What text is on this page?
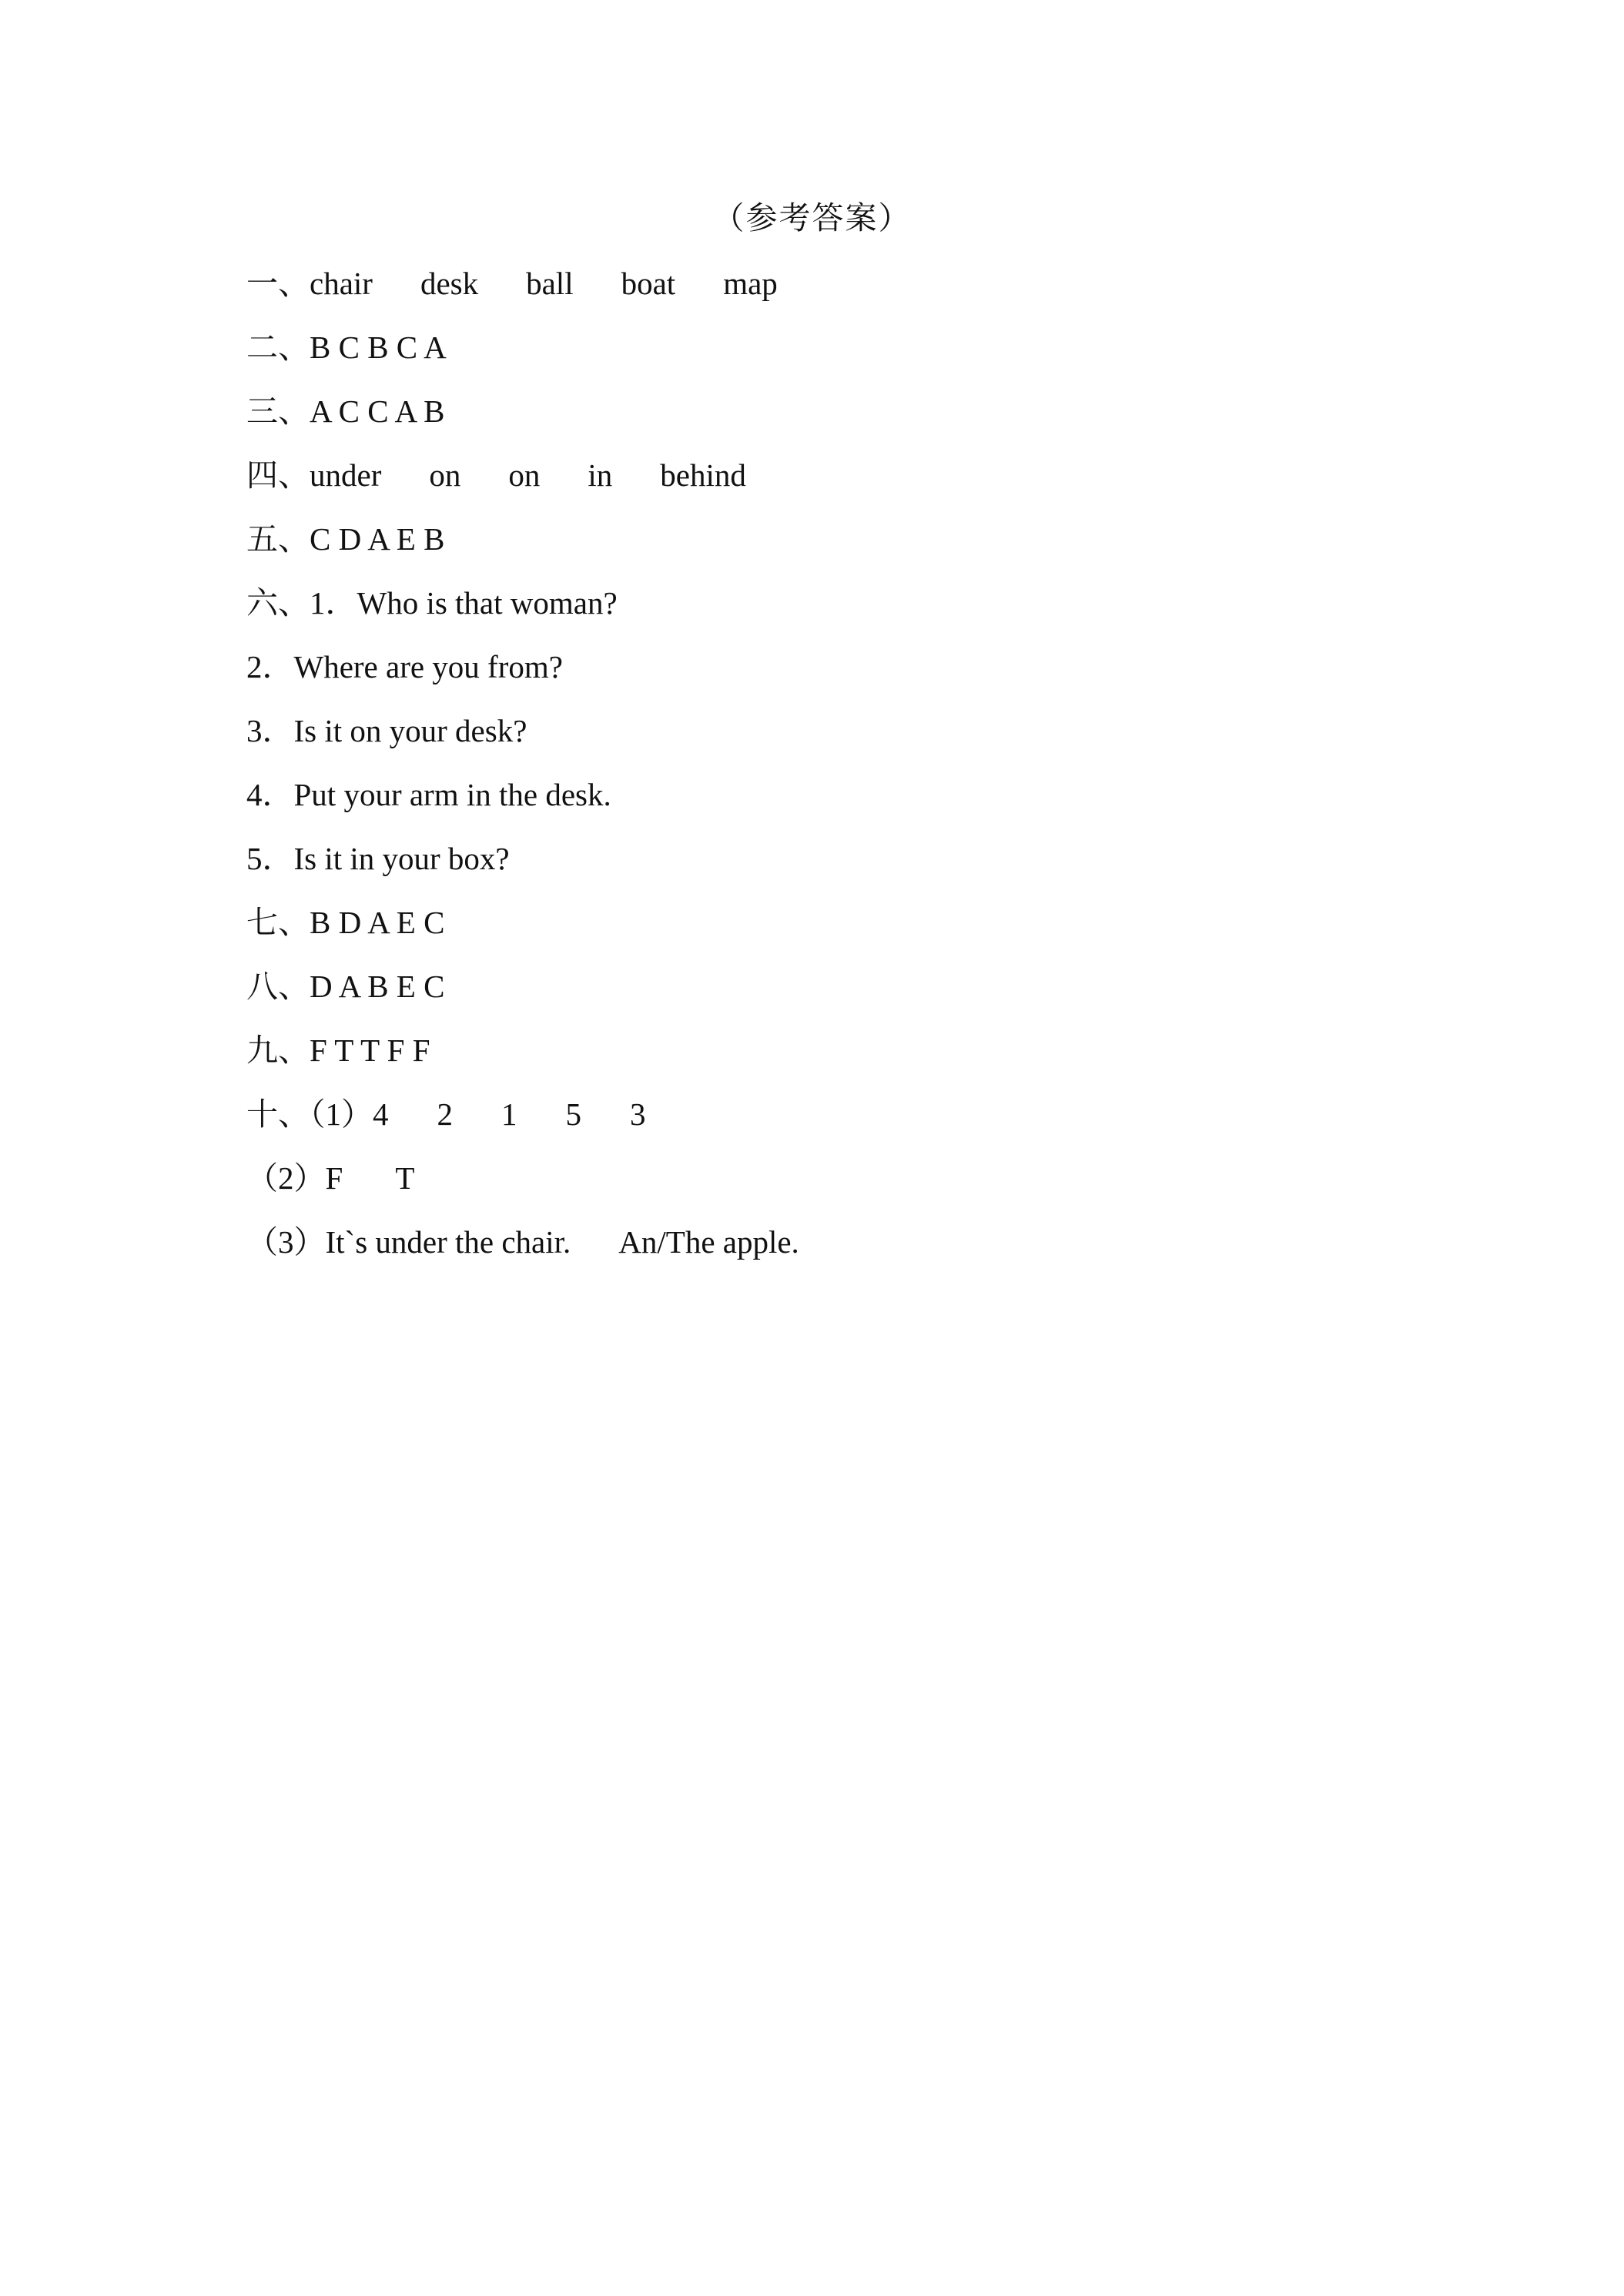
（参考答案）
一、chair desk ball boat map
二、B C B C A
三、A C C A B
四、under on on in behind
五、C D A E B
六、1．Who is that woman?
2．Where are you from?
3．Is it on your desk?
4．Put your arm in the desk.
5．Is it in your box?
七、B D A E C
八、D A B E C
九、F T T F F
十、（1）4 2 1 5 3
（2）F T
（3）It`s under the chair. An/The apple.
